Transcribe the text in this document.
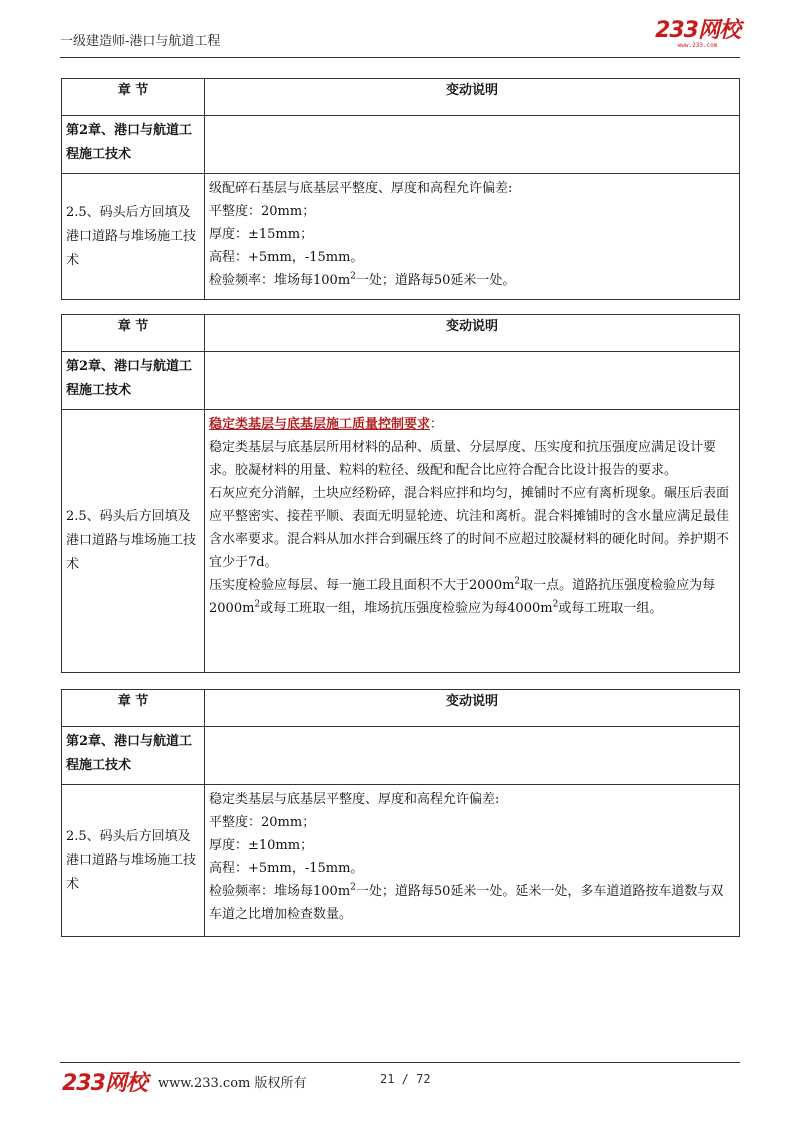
一级建造师-港口与航道工程	233网校
www.233.com
章 节	变动说明
第2章、港口与航道工程施工技术	
2.5、码头后方回填及港口道路与堆场施工技术	级配碎石基层与底基层平整度、厚度和高程允许偏差:

平整度：20mm；

厚度：±15mm；

高程：+5mm，-15mm。

检验频率：堆场每$100m^2$一处；道路每50延米一处。

章 节	变动说明
第2章、港口与航道工程施工技术	
2.5、码头后方回填及港口道路与堆场施工技术	稳定类基层与底基层施工质量控制要求：

稳定类基层与底基层所用材料的品种、质量、分层厚度、压实度和抗压强度应满足设计要求。胶凝材料的用量、粒料的粒径、级配和配合比应符合配合比设计报告的要求。

石灰应充分消解，土块应经粉碎，混合料应拌和均匀，摊铺时不应有离析现象。碾压后表面应平整密实、接茬平顺、表面无明显轮迹、坑洼和离析。混合料摊铺时的含水量应满足最佳含水率要求。混合料从加水拌合到碾压终了的时间不应超过胶凝材料的硬化时间。养护期不宜少于7d。

压实度检验应每层、每一施工段且面积不大于$2000m^2$取一点。道路抗压强度检验应为每$2000m^2$或每工班取一组，堆场抗压强度检验应为每$4000m^2$或每工班取一组。

章 节	变动说明
第2章、港口与航道工程施工技术	
2.5、码头后方回填及港口道路与堆场施工技术	稳定类基层与底基层平整度、厚度和高程允许偏差:

平整度：20mm；

厚度：±10mm；

高程：+5mm，-15mm。

检验频率：堆场每$100m^2$一处；道路每50延米一处。延米一处，多车道道路按车道数与双车道之比增加检查数量。

233网校 www.233.com 版权所有	21 / 72
